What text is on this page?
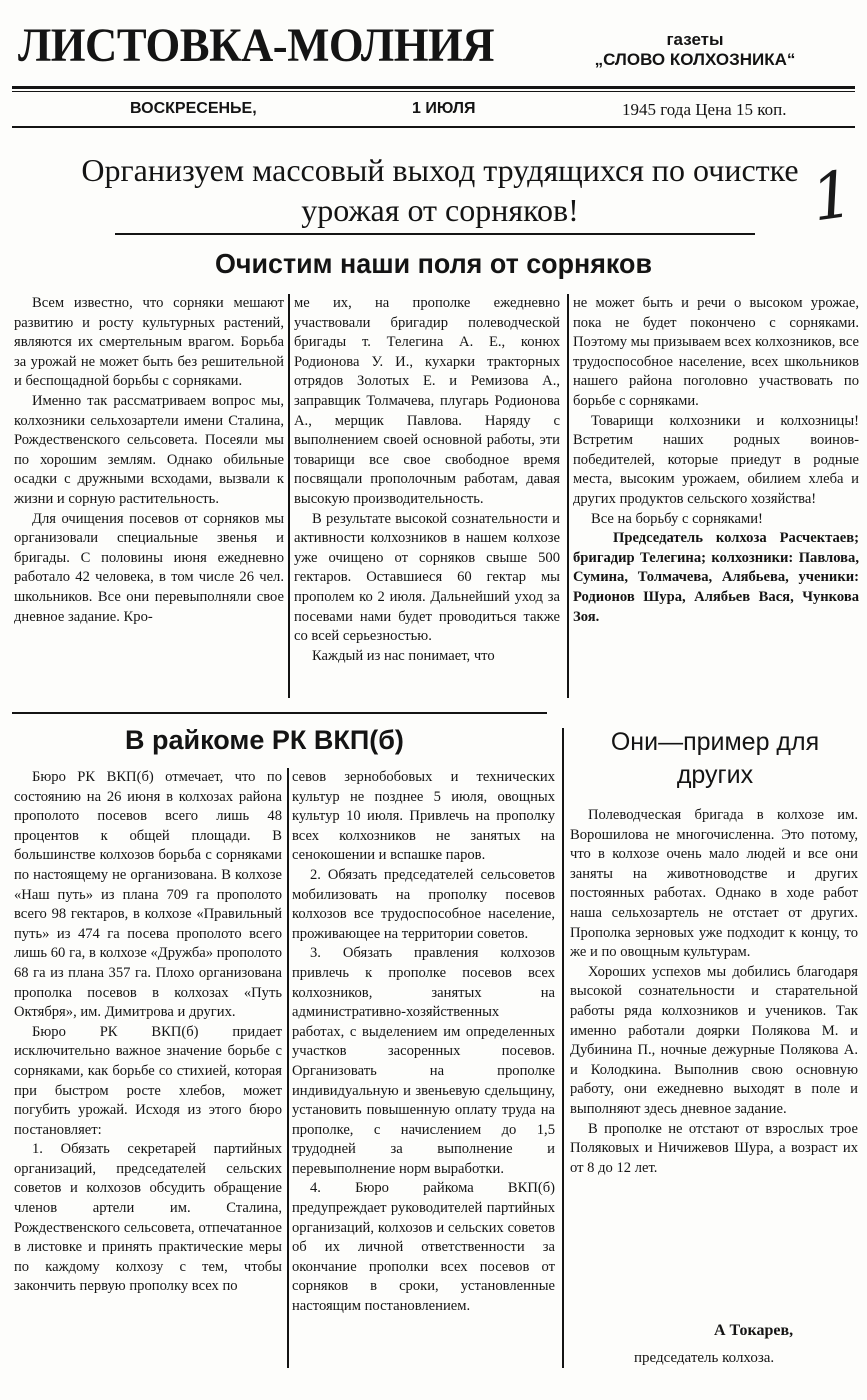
ЛИСТОВКА-МОЛНИЯ	газеты
„СЛОВО КОЛХОЗНИКА“
ВОСКРЕСЕНЬЕ,	1 ИЮЛЯ	1945 года Цена 15 коп.
Организуем массовый выход трудящихся по очистке урожая от сорняков!	1
Очистим наши поля от сорняков

Всем известно, что сорняки мешают развитию и росту культурных растений, являются их смертельным врагом. Борьба за урожай не может быть без решительной и беспощадной борьбы с сорняками.

Именно так рассматриваем вопрос мы, колхозники сельхозартели имени Сталина, Рождественского сельсовета. Посеяли мы по хорошим землям. Однако обильные осадки с дружными всходами, вызвали к жизни и сорную растительность.

Для очищения посевов от сорняков мы организовали специальные звенья и бригады. С половины июня ежедневно работало 42 человека, в том числе 26 чел. школьников. Все они перевыполняли свое дневное задание. Кро-

ме их, на прополке ежедневно участвовали бригадир полеводческой бригады т. Телегина А. Е., конюх Родионова У. И., кухарки тракторных отрядов Золотых Е. и Ремизова А., заправщик Толмачева, плугарь Родионова А., мерщик Павлова. Наряду с выполнением своей основной работы, эти товарищи все свое свободное время посвящали прополочным работам, давая высокую производительность.

В результате высокой сознательности и активности колхозников в нашем колхозе уже очищено от сорняков свыше 500 гектаров. Оставшиеся 60 гектар мы прополем ко 2 июля. Дальнейший уход за посевами нами будет проводиться также со всей серьезностью.

Каждый из нас понимает, что

не может быть и речи о высоком урожае, пока не будет покончено с сорняками. Поэтому мы призываем всех колхозников, все трудоспособное население, всех школьников нашего района поголовно участвовать по борьбе с сорняками.

Товарищи колхозники и колхозницы! Встретим наших родных воинов-победителей, которые приедут в родные места, высоким урожаем, обилием хлеба и других продуктов сельского хозяйства!

Все на борьбу с сорняками!

Председатель колхоза Расчектаев; бригадир Телегина; колхозники: Павлова, Сумина, Толмачева, Алябьева, ученики: Родионов Шура, Алябьев Вася, Чункова Зоя.

В райкоме РК ВКП(б)

Бюро РК ВКП(б) отмечает, что по состоянию на 26 июня в колхозах района прополото посевов всего лишь 48 процентов к общей площади. В большинстве колхозов борьба с сорняками по настоящему не организована. В колхозе «Наш путь» из плана 709 га прополото всего 98 гектаров, в колхозе «Правильный путь» из 474 га посева прополото всего лишь 60 га, в колхозе «Дружба» прополото 68 га из плана 357 га. Плохо организована прополка посевов в колхозах «Путь Октября», им. Димитрова и других.

Бюро РК ВКП(б) придает исключительно важное значение борьбе с сорняками, как борьбе со стихией, которая при быстром росте хлебов, может погубить урожай. Исходя из этого бюро постановляет:

1. Обязать секретарей партийных организаций, председателей сельских советов и колхозов обсудить обращение членов артели им. Сталина, Рождественского сельсовета, отпечатанное в листовке и принять практические меры по каждому колхозу с тем, чтобы закончить первую прополку всех по

севов зернобобовых и технических культур не позднее 5 июля, овощных культур 10 июля. Привлечь на прополку всех колхозников не занятых на сенокошении и вспашке паров.

2. Обязать председателей сельсоветов мобилизовать на прополку посевов колхозов все трудоспособное население, проживающее на территории советов.

3. Обязать правления колхозов привлечь к прополке посевов всех колхозников, занятых на административно-хозяйственных работах, с выделением им определенных участков засоренных посевов. Организовать на прополке индивидуальную и звеньевую сдельщину, установить повышенную оплату труда на прополке, с начислением до 1,5 трудодней за выполнение и перевыполнение норм выработки.

4. Бюро райкома ВКП(б) предупреждает руководителей партийных организаций, колхозов и сельских советов об их личной ответственности за окончание прополки всех посевов от сорняков в сроки, установленные настоящим постановлением.

Они—пример для других

Полеводческая бригада в колхозе им. Ворошилова не многочисленна. Это потому, что в колхозе очень мало людей и все они заняты на животноводстве и других постоянных работах. Однако в ходе работ наша сельхозартель не отстает от других. Прополка зерновых уже подходит к концу, то же и по овощным культурам.

Хороших успехов мы добились благодаря высокой сознательности и старательной работы ряда колхозников и учеников. Так именно работали доярки Полякова М. и Дубинина П., ночные дежурные Полякова А. и Колодкина. Выполнив свою основную работу, они ежедневно выходят в поле и выполняют здесь дневное задание.

В прополке не отстают от взрослых трое Поляковых и Ничижевов Шура, а возраст их от 8 до 12 лет.

А Токарев,
председатель колхоза.
